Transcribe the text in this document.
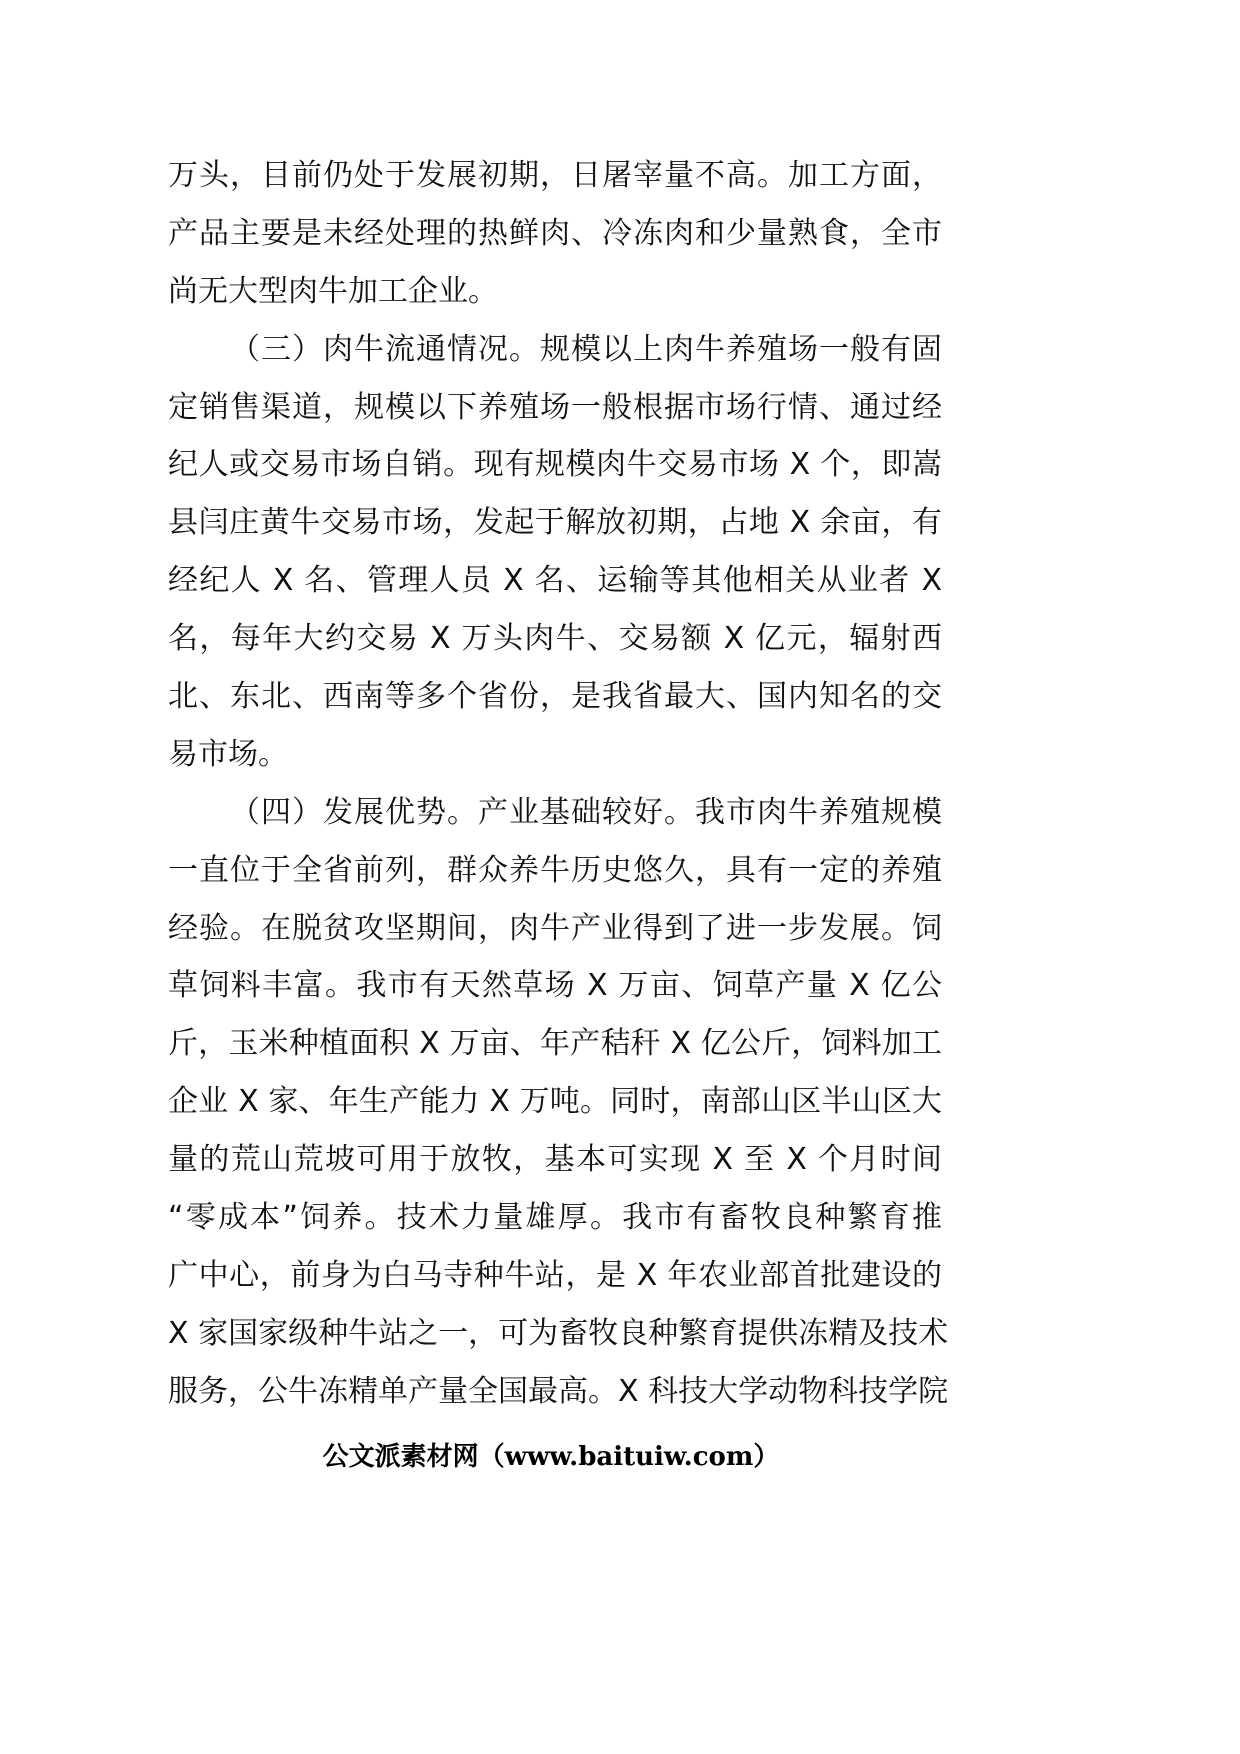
万头，目前仍处于发展初期，日屠宰量不高。加工方面，
产品主要是未经处理的热鲜肉、冷冻肉和少量熟食，全市
尚无大型肉牛加工企业。
（三）肉牛流通情况。规模以上肉牛养殖场一般有固
定销售渠道，规模以下养殖场一般根据市场行情、通过经
纪人或交易市场自销。现有规模肉牛交易市场 X 个，即嵩
县闫庄黄牛交易市场，发起于解放初期，占地 X 余亩，有
经纪人 X 名、管理人员 X 名、运输等其他相关从业者 X
名，每年大约交易 X 万头肉牛、交易额 X 亿元，辐射西
北、东北、西南等多个省份，是我省最大、国内知名的交
易市场。
（四）发展优势。产业基础较好。我市肉牛养殖规模
一直位于全省前列，群众养牛历史悠久，具有一定的养殖
经验。在脱贫攻坚期间，肉牛产业得到了进一步发展。饲
草饲料丰富。我市有天然草场 X 万亩、饲草产量 X 亿公
斤，玉米种植面积 X 万亩、年产秸秆 X 亿公斤，饲料加工
企业 X 家、年生产能力 X 万吨。同时，南部山区半山区大
量的荒山荒坡可用于放牧，基本可实现 X 至 X 个月时间
“零成本”饲养。技术力量雄厚。我市有畜牧良种繁育推
广中心，前身为白马寺种牛站，是 X 年农业部首批建设的
X 家国家级种牛站之一，可为畜牧良种繁育提供冻精及技术
服务，公牛冻精单产量全国最高。X 科技大学动物科技学院
公文派素材网（www.baituiw.com）
